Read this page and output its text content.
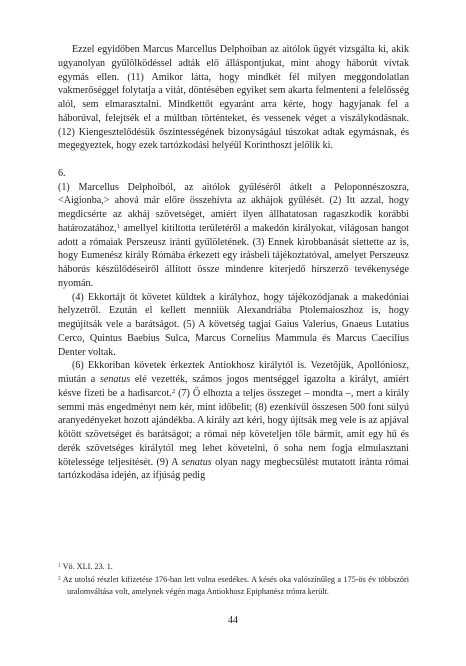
Ezzel egyidőben Marcus Marcellus Delphoiban az aitólok ügyét vizsgálta ki, akik ugyanolyan gyűlölködéssel adták elő álláspontjukat, mint ahogy háborút vívtak egymás ellen. (11) Amikor látta, hogy mindkét fél milyen meggondolatlan vakmerőséggel folytatja a vitát, döntésében egyiket sem akarta felmenteni a felelősség alól, sem elmarasztalni. Mindkettőt egyaránt arra kérte, hogy hagyjanak fel a háborúval, felejtsék el a múltban történteket, és vessenek véget a viszálykodásnak. (12) Kiengesztelődésük őszintességének bizonyságául túszokat adtak egymásnak, és megegyeztek, hogy ezek tartózkodási helyéül Korinthoszt jelölik ki.

6.

(1) Marcellus Delphoiból, az aitólok gyűléséről átkelt a Peloponnészoszra, <Aigionba,> ahová már előre összehívta az akhájok gyűlését. (2) Itt azzal, hogy megdicsérte az akháj szövetséget, amiért ilyen állhatatosan ragaszkodik korábbi határozatához,$^1$ amellyel kitiltotta területéről a makedón királyokat, világosan hangot adott a rómaiak Perszeusz iránti gyűlöletének. (3) Ennek kirobbanását siettette az is, hogy Eumenész király Rómába érkezett egy írásbeli tájékoztatóval, amelyet Perszeusz háborús készülődéseiről állított össze mindenre kiterjedő hírszerző tevékenysége nyomán.

(4) Ekkortájt öt követet küldtek a királyhoz, hogy tájékozódjanak a makedóniai helyzetről. Ezután el kellett menniük Alexandriába Ptolemaioszhoz is, hogy megújítsák vele a barátságot. (5) A követség tagjai Gaius Valerius, Gnaeus Lutatius Cerco, Quintus Baebius Sulca, Marcus Cornelius Mammula és Marcus Caecilius Denter voltak.

(6) Ekkoriban követek érkeztek Antiokhosz királytól is. Vezetőjük, Apollóniosz, miután a senatus elé vezették, számos jogos mentséggel igazolta a királyt, amiért késve fizeti be a hadisarcot.$^2$ (7) Ő elhozta a teljes összeget – mondta –, mert a király semmi más engedményt nem kér, mint időbelit; (8) ezenkívül összesen 500 font súlyú aranyedényeket hozott ajándékba. A király azt kéri, hogy újítsák meg vele is az apjával kötött szövetséget és barátságot; a római nép követeljen tőle bármit, amit egy hű és derék szövetséges királytól meg lehet követelni, ő soha nem fogja elmulasztani kötelessége teljesítését. (9) A senatus olyan nagy megbecsülést mutatott iránta római tartózkodása idején, az ifjúság pedig

$^1$ Vö. XLI. 23. 1.

$^2$ Az utolsó részlet kifizetése 176-ban lett volna esedékes. A késés oka valószínűleg a 175-ös év többszöri uralomváltása volt, amelynek végén maga Antiokhosz Epiphanész trónra került.

44
